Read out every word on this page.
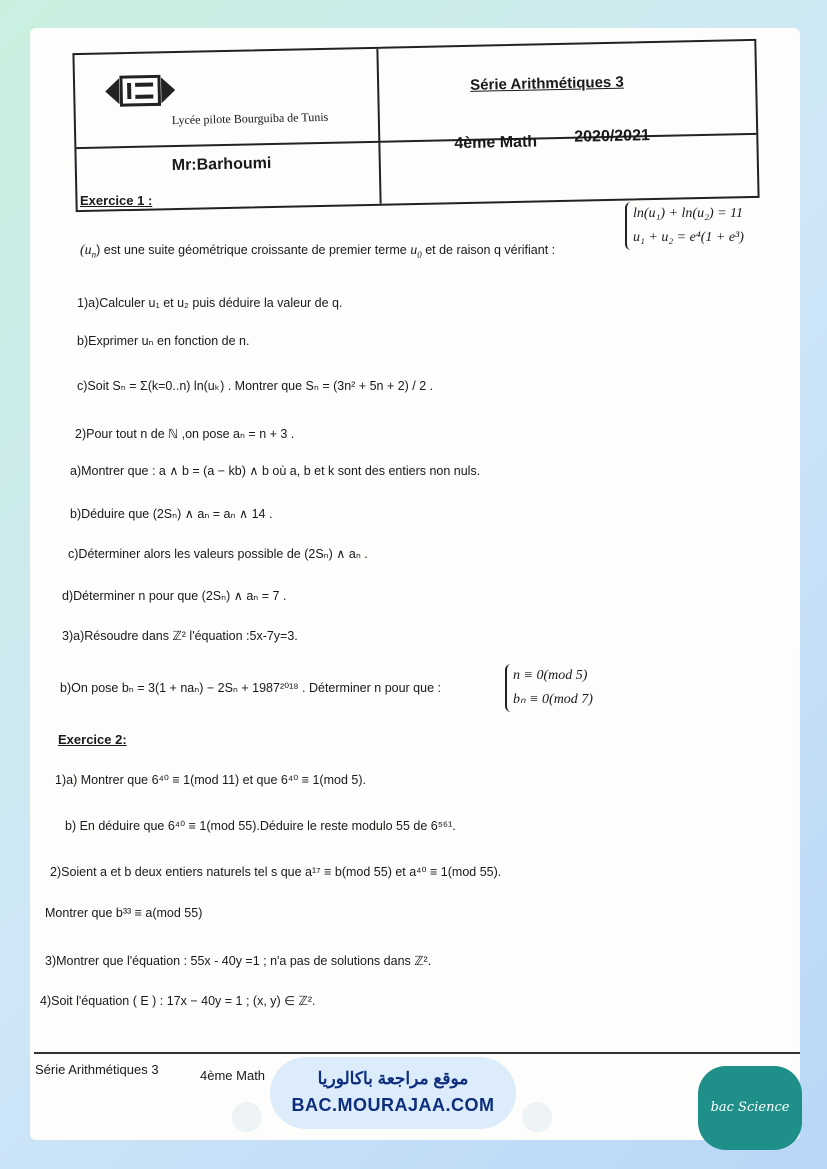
Lycée pilote Bourguiba de Tunis
Mr:Barhoumi
Série Arithmétiques 3
4ème Math 2020/2021
Exercice 1 :
$(u_n)$ est une suite géométrique croissante de premier terme $u_0$ et de raison q vérifiant :
ln(u₁) + ln(u₂) = 11
u₁ + u₂ = e⁴(1 + e³)
1)a)Calculer u₁ et u₂ puis déduire la valeur de q.
b)Exprimer uₙ en fonction de n.
c)Soit Sₙ = Σ(k=0..n) ln(uₖ) . Montrer que Sₙ = (3n² + 5n + 2) / 2 .
2)Pour tout n de ℕ ,on pose aₙ = n + 3 .
a)Montrer que : a ∧ b = (a − kb) ∧ b où a, b et k sont des entiers non nuls.
b)Déduire que (2Sₙ) ∧ aₙ = aₙ ∧ 14 .
c)Déterminer alors les valeurs possible de (2Sₙ) ∧ aₙ .
d)Déterminer n pour que (2Sₙ) ∧ aₙ = 7 .
3)a)Résoudre dans ℤ² l'équation :5x-7y=3.
b)On pose bₙ = 3(1 + naₙ) − 2Sₙ + 1987²⁰¹⁸ . Déterminer n pour que :
n ≡ 0(mod 5)
bₙ ≡ 0(mod 7)
Exercice 2:
1)a) Montrer que 6⁴⁰ ≡ 1(mod 11) et que 6⁴⁰ ≡ 1(mod 5).
b) En déduire que 6⁴⁰ ≡ 1(mod 55).Déduire le reste modulo 55 de 6⁵⁶¹.
2)Soient a et b deux entiers naturels tel s que a¹⁷ ≡ b(mod 55) et a⁴⁰ ≡ 1(mod 55).
Montrer que b³³ ≡ a(mod 55)
3)Montrer que l'équation : 55x - 40y =1 ; n'a pas de solutions dans ℤ².
4)Soit l'équation ( E ) : 17x − 40y = 1 ; (x, y) ∈ ℤ².
Série Arithmétiques 3	4ème Math	موقع مراجعة باكالوريا
BAC.MOURAJAA.COM	bac Science
